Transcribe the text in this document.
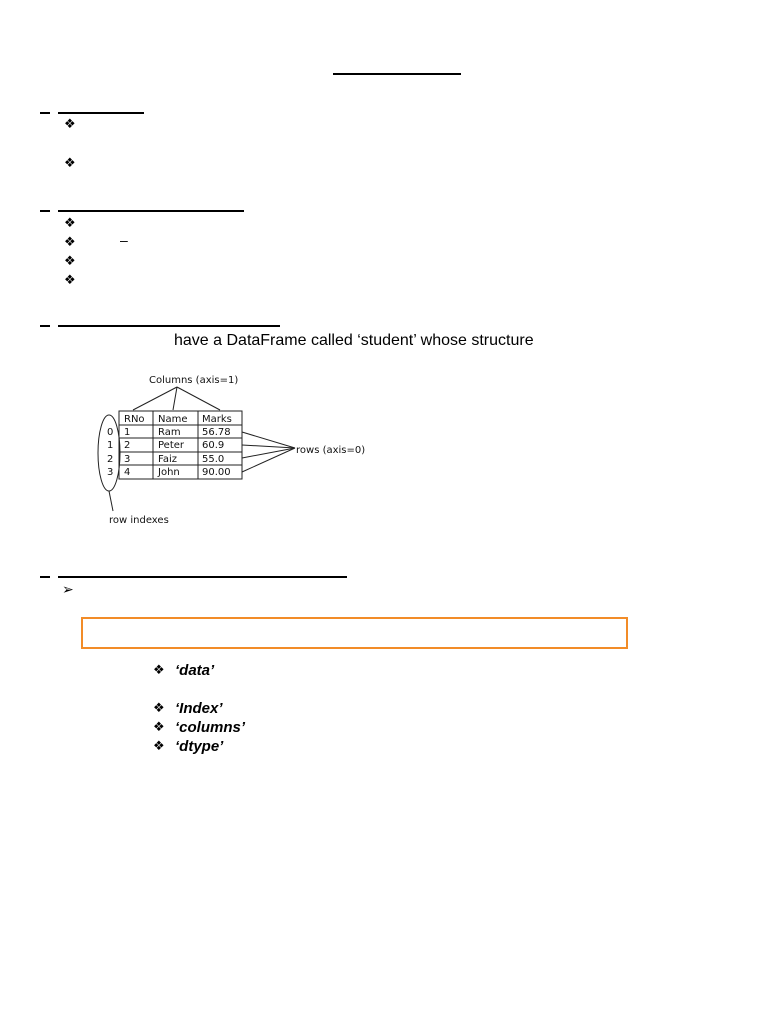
❖
❖
❖
❖	–
❖
❖
have a DataFrame called ‘student’ whose structure
Columns (axis=1)
RNo Name Marks
1	Ram 56.78
2	Peter 60.9
3	Faiz	55.0
4	John 90.00
0
1
2
3
row indexes
rows (axis=0)
➢
❖ ‘data’
❖ ‘Index’
❖ ‘columns’
❖ ‘dtype’
